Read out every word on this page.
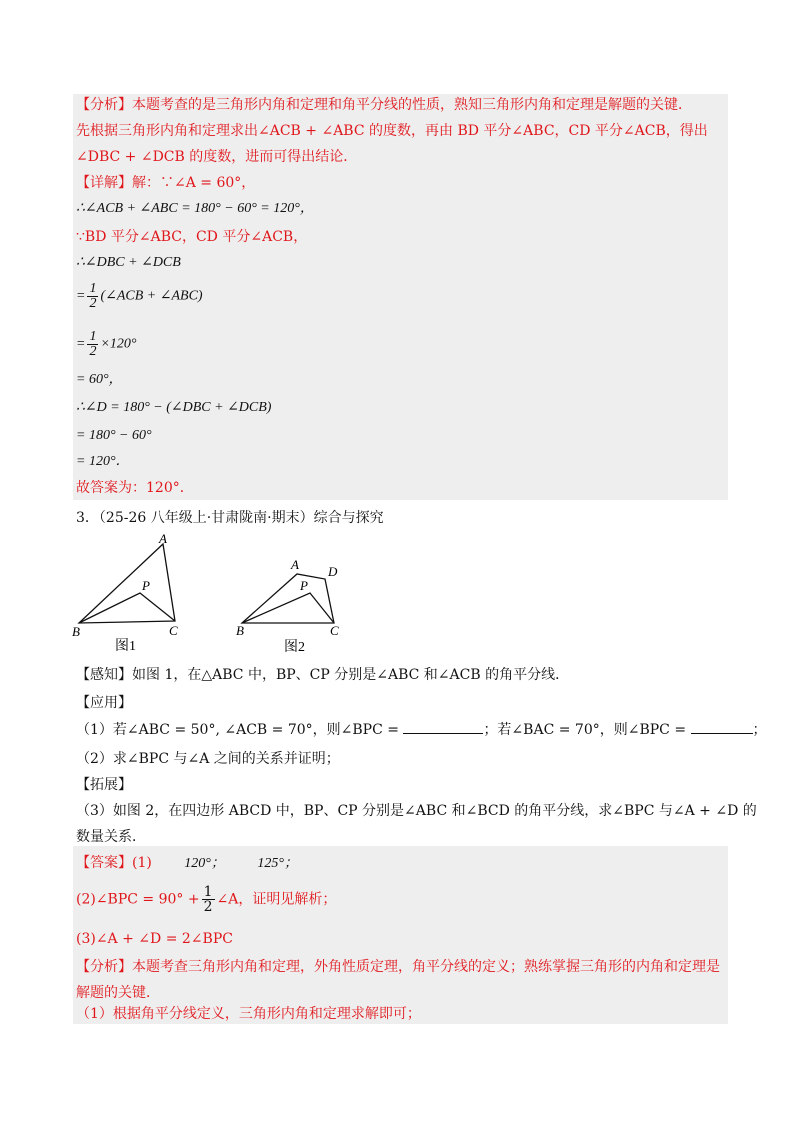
【分析】本题考查的是三角形内角和定理和角平分线的性质，熟知三角形内角和定理是解题的关键．
先根据三角形内角和定理求出∠ACB + ∠ABC 的度数，再由 BD 平分∠ABC，CD 平分∠ACB，得出
∠DBC + ∠DCB 的度数，进而可得出结论．
【详解】解：∵∠A = 60°，
∴∠ACB + ∠ABC = 180° − 60° = 120°，
∵BD 平分∠ABC，CD 平分∠ACB，
∴∠DBC + ∠DCB
= $\frac{1}{2}$ (∠ACB + ∠ABC)
= $\frac{1}{2} \times 120^\circ$
= 60°，
∴∠D = 180° − (∠DBC + ∠DCB)
= 180° − 60°
= 120°．
故答案为：120°．
3．（25-26 八年级上·甘肃陇南·期末）综合与探究
A
P
B	C
图1
A D
P
B	C
图2
【感知】如图 1，在△ABC 中，BP、CP 分别是∠ABC 和∠ACB 的角平分线．
【应用】
（1）若∠ABC = 50°, ∠ACB = 70°，则∠BPC =	；若∠BAC = 70°，则∠BPC =	；
（2）求∠BPC 与∠A 之间的关系并证明；
【拓展】
（3）如图 2，在四边形 ABCD 中，BP、CP 分别是∠ABC 和∠BCD 的角平分线，求∠BPC 与∠A + ∠D 的
数量关系．
【答案】(1) 120°； 125°；
(2)∠BPC = $90^\circ + \frac{1}{2}$ ∠A，证明见解析；
(3)∠A + ∠D = 2∠BPC
【分析】本题考查三角形内角和定理，外角性质定理，角平分线的定义；熟练掌握三角形的内角和定理是
解题的关键．
（1）根据角平分线定义，三角形内角和定理求解即可；
